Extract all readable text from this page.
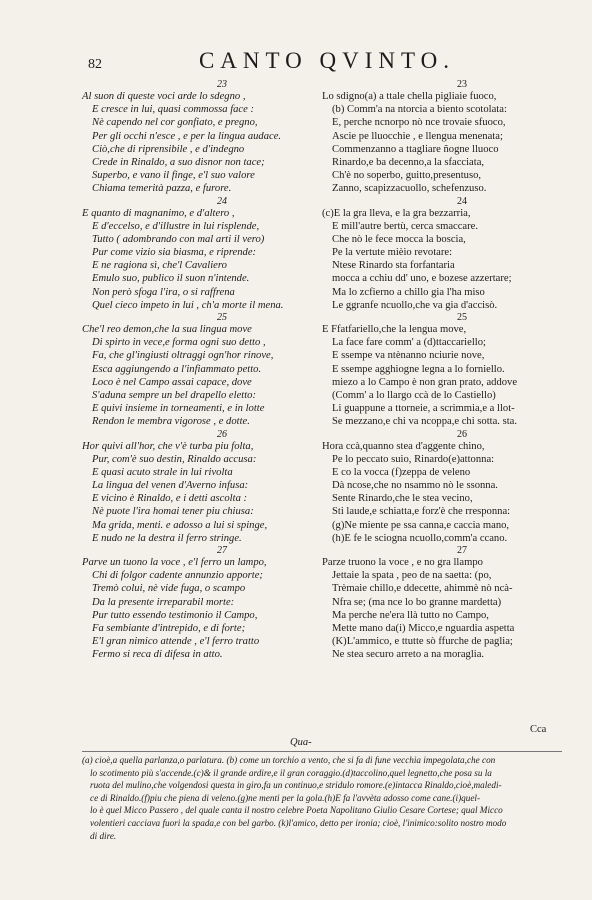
82	CANTO QVINTO.
23
Al suon di queste voci arde lo sdegno ,
E cresce in lui, quasi commossa face :
Nè capendo nel cor gonfiato, e pregno,
Per gli occhi n'esce , e per la lingua audace.
Ciò,che di riprensibile , e d'indegno
Crede in Rinaldo, a suo disnor non tace;
Superbo, e vano il finge, e'l suo valore
Chiama temerità pazza, e furore.
24
E quanto di magnanimo, e d'altero ,
E d'eccelso, e d'illustre in lui risplende,
Tutto ( adombrando con mal arti il vero)
Pur come vizio sia biasma, e riprende:
E ne ragiona sì, che'l Cavaliero
Emulo suo, publico il suon n'intende.
Non però sfoga l'ira, o si raffrena
Quel cieco impeto in lui , ch'a morte il mena.
25
Che'l reo demon,che la sua lingua move
Di spirto in vece,e forma ogni suo detto ,
Fa, che gl'ingiusti oltraggi ogn'hor rinove,
Esca aggiungendo a l'infiammato petto.
Loco è nel Campo assai capace, dove
S'aduna sempre un bel drapello eletto:
E quivi insieme in torneamenti, e in lotte
Rendon le membra vigorose , e dotte.
26
Hor quivi all'hor, che v'è turba piu folta,
Pur, com'è suo destin, Rinaldo accusa:
E quasi acuto strale in lui rivolta
La lingua del venen d'Averno infusa:
E vicino è Rinaldo, e i detti ascolta :
Nè puote l'ira homai tener piu chiusa:
Ma grida, menti. e adosso a lui si spinge,
E nudo ne la destra il ferro stringe.
27
Parve un tuono la voce , e'l ferro un lampo,
Chi di folgor cadente annunzio apporte;
Tremò colui, nè vide fuga, o scampo
Da la presente irreparabil morte:
Pur tutto essendo testimonio il Campo,
Fa sembiante d'intrepido, e di forte;
E'l gran nimico attende , e'l ferro tratto
Fermo si reca di difesa in atto.
23
Lo sdigno(a) a ttale chella pigliaie fuoco,
(b) Comm'a na ntorcia a biento scotolata:
E, perche ncnorpo nò nce trovaie sfuoco,
Ascie pe lluocchie , e llengua menenata;
Commenzanno a ttagliare ñogne lluoco
Rinardo,e ba decenno,a la sfacciata,
Ch'è no soperbo, guitto,presentuso,
Zanno, scapizzacuollo, schefenzuso.
24
(c)E la gra lleva, e la gra bezzarria,
E mill'autre bertù, cerca smaccare.
Che nò le fece mocca la boscia,
Pe la vertute mièio revotare:
Ntese Rinardo sta forfantaria
mocca a cchiu dd' uno, e bozese azzertare;
Ma lo zcfierno a chillo gia l'ha miso
Le ggranfe ncuollo,che va gia d'accisò.
25
E Ffatfariello,che la lengua move,
La face fare comm' a (d)ttaccariello;
E ssempe va ntènanno nciurie nove,
E ssempe agghiogne legna a lo forniello.
miezo a lo Campo è non gran prato, addove
(Comm' a lo llargo ccà de lo Castiello)
Li guappune a ttorneie, a scrimmia,e a llot-
Se mezzano,e chi va ncoppa,e chi sotta. sta.
26
Hora ccà,quanno stea d'aggente chino,
Pe lo peccato suio, Rinardo(e)attonna:
E co la vocca (f)zeppa de veleno
Dà ncose,che no nsammo nò le ssonna.
Sente Rinardo,che le stea vecino,
Sti laude,e schiatta,e forz'è che rresponna:
(g)Ne miente pe ssa canna,e caccia mano,
(h)E fe le sciogna ncuollo,comm'a ccano.
27
Parze truono la voce , e no gra llampo
Jettaie la spata , peo de na saetta: (po,
Trèmaie chillo,e ddecette, ahimmè nò ncà-
Nfra se; (ma nce lo bo granne mardetta)
Ma perche ne'era llà tutto no Campo,
Mette mano da(i) Micco,e nguardia aspetta
(K)L'ammico, e ttutte sò ffurche de paglia;
Ne stea securo arreto a na moraglia.
Qua-
Cca
(a) cioè,a quella parlanza,o parlatura. (b) come un torchio a vento, che si fa di fune vecchia impegolata,che con
lo scotimento più s'accende.(c)& il grande ardire,e il gran coraggio.(d)taccolino,quel legnetto,che posa su la
ruota del mulino,che volgendosi questa in giro,fa un continuo,e stridulo romore.(e)intacca Rinaldo,cioè,maledi-
ce di Rinaldo.(f)piu che piena di veleno.(g)ne menti per la gola.(h)E fa l'avvèta adosso come cane.(i)quel-
lo è quel Micco Passero , del quale canta il nostro celebre Poeta Napolitano Giulio Cesare Cortese; qual Micco
volentieri cacciava fuori la spada,e con bel garbo. (k)l'amico, detto per ironia; cioè, l'inimico:solito nostro modo
di dire.
